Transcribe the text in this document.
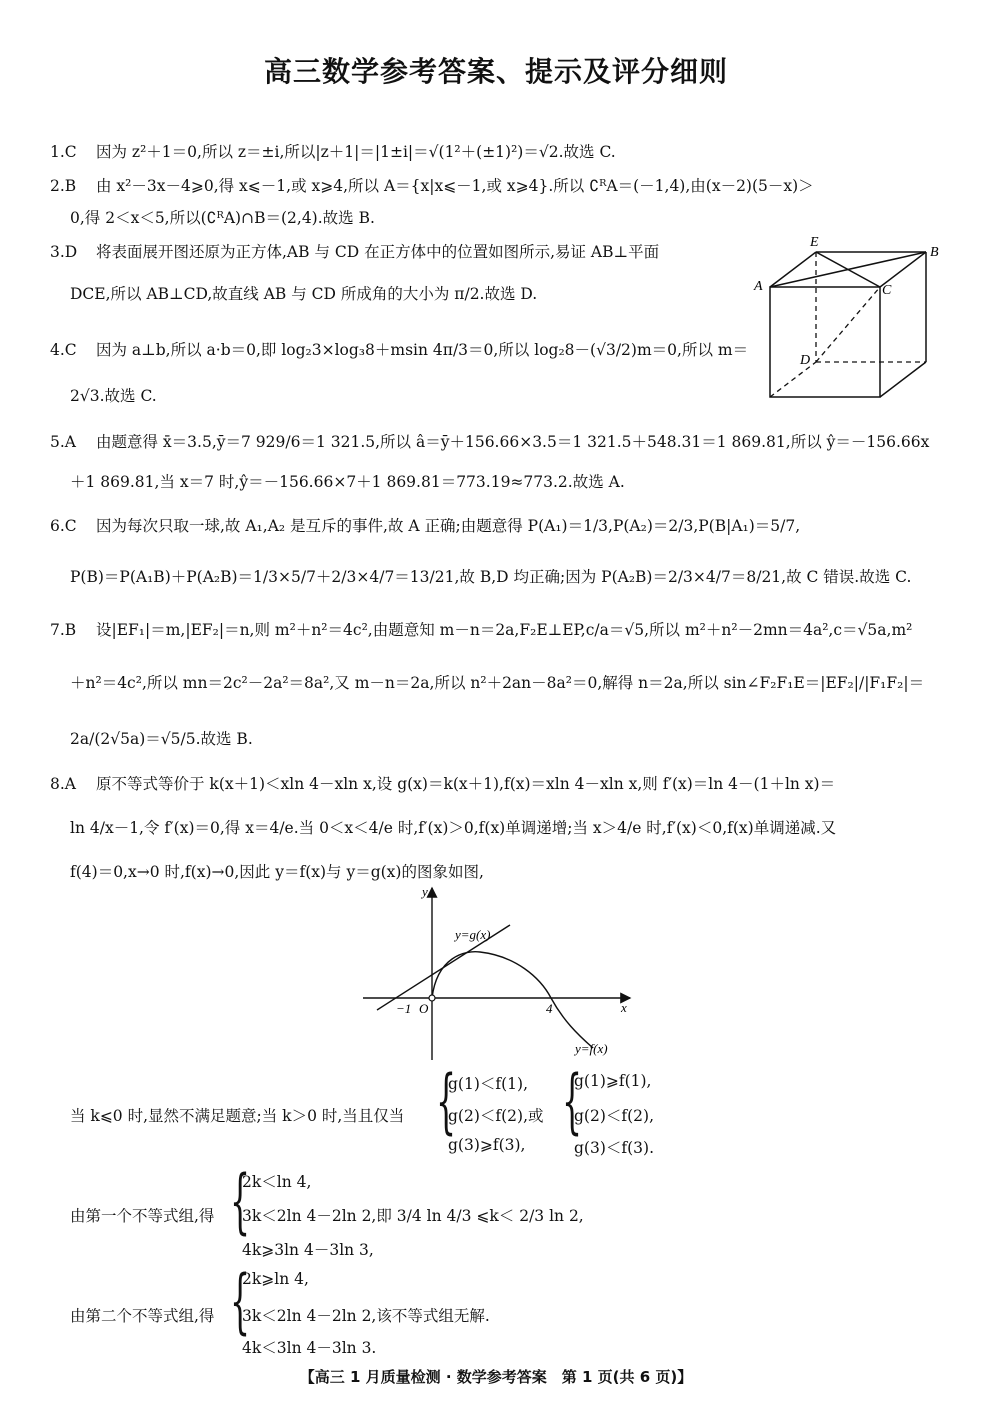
高三数学参考答案、提示及评分细则
1.C 因为 z²＋1＝0,所以 z＝±i,所以|z＋1|＝|1±i|＝√(1²＋(±1)²)＝√2.故选 C.
2.B 由 x²－3x－4⩾0,得 x⩽－1,或 x⩾4,所以 A＝{x|x⩽－1,或 x⩾4}.所以 ∁ᴿA＝(－1,4),由(x－2)(5－x)＞
0,得 2＜x＜5,所以(∁ᴿA)∩B＝(2,4).故选 B.
3.D 将表面展开图还原为正方体,AB 与 CD 在正方体中的位置如图所示,易证 AB⊥平面
DCE,所以 AB⊥CD,故直线 AB 与 CD 所成角的大小为 π/2.故选 D.
4.C 因为 a⊥b,所以 a·b＝0,即 log₂3×log₃8＋msin 4π/3＝0,所以 log₂8－(√3/2)m＝0,所以 m＝
2√3.故选 C.
E
B
A	C
D
5.A 由题意得 x̄＝3.5,ȳ＝7 929/6＝1 321.5,所以 â＝ȳ＋156.66×3.5＝1 321.5＋548.31＝1 869.81,所以 ŷ＝－156.66x
＋1 869.81,当 x＝7 时,ŷ＝－156.66×7＋1 869.81＝773.19≈773.2.故选 A.
6.C 因为每次只取一球,故 A₁,A₂ 是互斥的事件,故 A 正确;由题意得 P(A₁)＝1/3,P(A₂)＝2/3,P(B|A₁)＝5/7,
P(B)＝P(A₁B)＋P(A₂B)＝1/3×5/7＋2/3×4/7＝13/21,故 B,D 均正确;因为 P(A₂B)＝2/3×4/7＝8/21,故 C 错误.故选 C.
7.B 设|EF₁|＝m,|EF₂|＝n,则 m²＋n²＝4c²,由题意知 m－n＝2a,F₂E⊥EP,c/a＝√5,所以 m²＋n²－2mn＝4a²,c＝√5a,m²
＋n²＝4c²,所以 mn＝2c²－2a²＝8a²,又 m－n＝2a,所以 n²＋2an－8a²＝0,解得 n＝2a,所以 sin∠F₂F₁E＝|EF₂|/|F₁F₂|＝
2a/(2√5a)＝√5/5.故选 B.
8.A 原不等式等价于 k(x＋1)＜xln 4－xln x,设 g(x)＝k(x＋1),f(x)＝xln 4－xln x,则 f′(x)＝ln 4－(1＋ln x)＝
ln 4/x－1,令 f′(x)＝0,得 x＝4/e.当 0＜x＜4/e 时,f′(x)＞0,f(x)单调递增;当 x＞4/e 时,f′(x)＜0,f(x)单调递减.又
f(4)＝0,x→0 时,f(x)→0,因此 y＝f(x)与 y＝g(x)的图象如图,
y=g(x)
y=f(x)
y
x
O
−1	4
当 k⩽0 时,显然不满足题意;当 k＞0 时,当且仅当 {
g(1)＜f(1),
g(2)＜f(2),或
g(3)⩾f(3),
{
g(1)⩾f(1),
g(2)＜f(2),
g(3)＜f(3).
由第一个不等式组,得 {
2k＜ln 4,
3k＜2ln 4－2ln 2,即 3/4 ln 4/3 ⩽k＜ 2/3 ln 2,
4k⩾3ln 4－3ln 3,
由第二个不等式组,得 {
2k⩾ln 4,
3k＜2ln 4－2ln 2,该不等式组无解.
4k＜3ln 4－3ln 3.
【高三 1 月质量检测 · 数学参考答案　第 1 页(共 6 页)】
